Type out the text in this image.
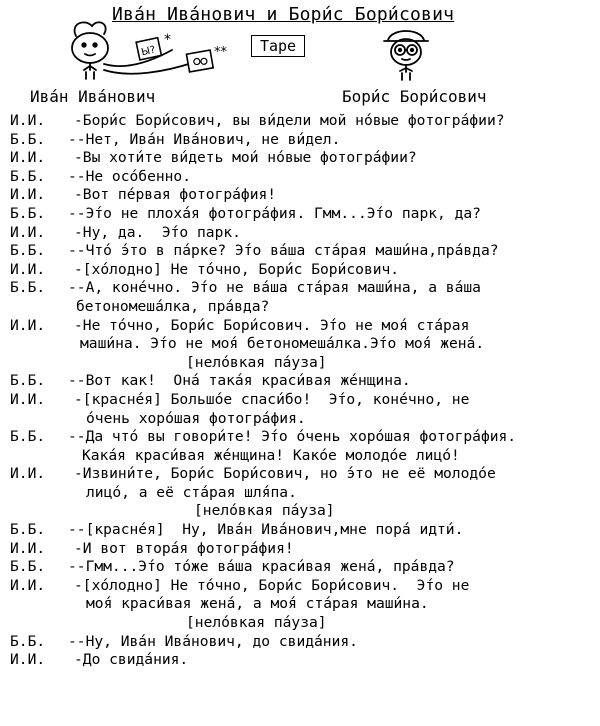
Ива́н Ива́нович и Бори́с Бори́сович
Tape
Ы?
*
**
Ива́н Ива́нович	Бори́с Бори́сович

И.И.

-Бори́с Бори́сович, вы ви́дели мой но́вые фотогра́фии?

Б.Б.

--Нет, Ива́н Ива́нович, не ви́дел.

И.И.

-Вы хоти́те ви́деть мои́ но́вые фотогра́фии?

Б.Б.

--Не осо́бенно.

И.И.

-Вот пе́рвая фотогра́фия!

Б.Б.

--Э́то не плоха́я фотогра́фия. Гмм...Э́то парк, да?

И.И.

-Ну, да.  Э́то парк.

Б.Б.

--Что́ э́то в па́рке? Э́то ва́ша ста́рая маши́на,пра́вда?

И.И.

-[хо́лодно] Не то́чно, Бори́с Бори́сович.

Б.Б.

--А, коне́чно. Э́то не ва́ша ста́рая маши́на, а ва́ша

бетономеша́лка, пра́вда?

И.И.

-Не то́чно, Бори́с Бори́сович. Э́то не моя́ ста́рая

маши́на. Э́то не моя́ бетономеша́лка.Э́то моя́ жена́.

[нело́вкая па́уза]

Б.Б.

--Вот как!  Она́ така́я краси́вая же́нщина.

И.И.

-[красне́я] Большо́е спаси́бо!  Э́то, коне́чно, не

о́чень хоро́шая фотогра́фия.

Б.Б.

--Да что́ вы говори́те! Э́то о́чень хоро́шая фотогра́фия.

Кака́я краси́вая же́нщина! Како́е молодо́е лицо́!

И.И.

-Извини́те, Бори́с Бори́сович, но э́то не её молодо́е

лицо́, а её ста́рая шля́па.

[нело́вкая па́уза]

Б.Б.

--[красне́я]  Ну, Ива́н Ива́нович,мне пора́ идти́.

И.И.

-И вот втора́я фотогра́фия!

Б.Б.

--Гмм...Э́то то́же ва́ша краси́вая жена́, пра́вда?

И.И.

-[хо́лодно] Не то́чно, Бори́с Бори́сович.  Э́то не

моя́ краси́вая жена́, а моя́ ста́рая маши́на.

[нело́вкая па́уза]

Б.Б.

--Ну, Ива́н Ива́нович, до свида́ния.

И.И.

-До свида́ния.
